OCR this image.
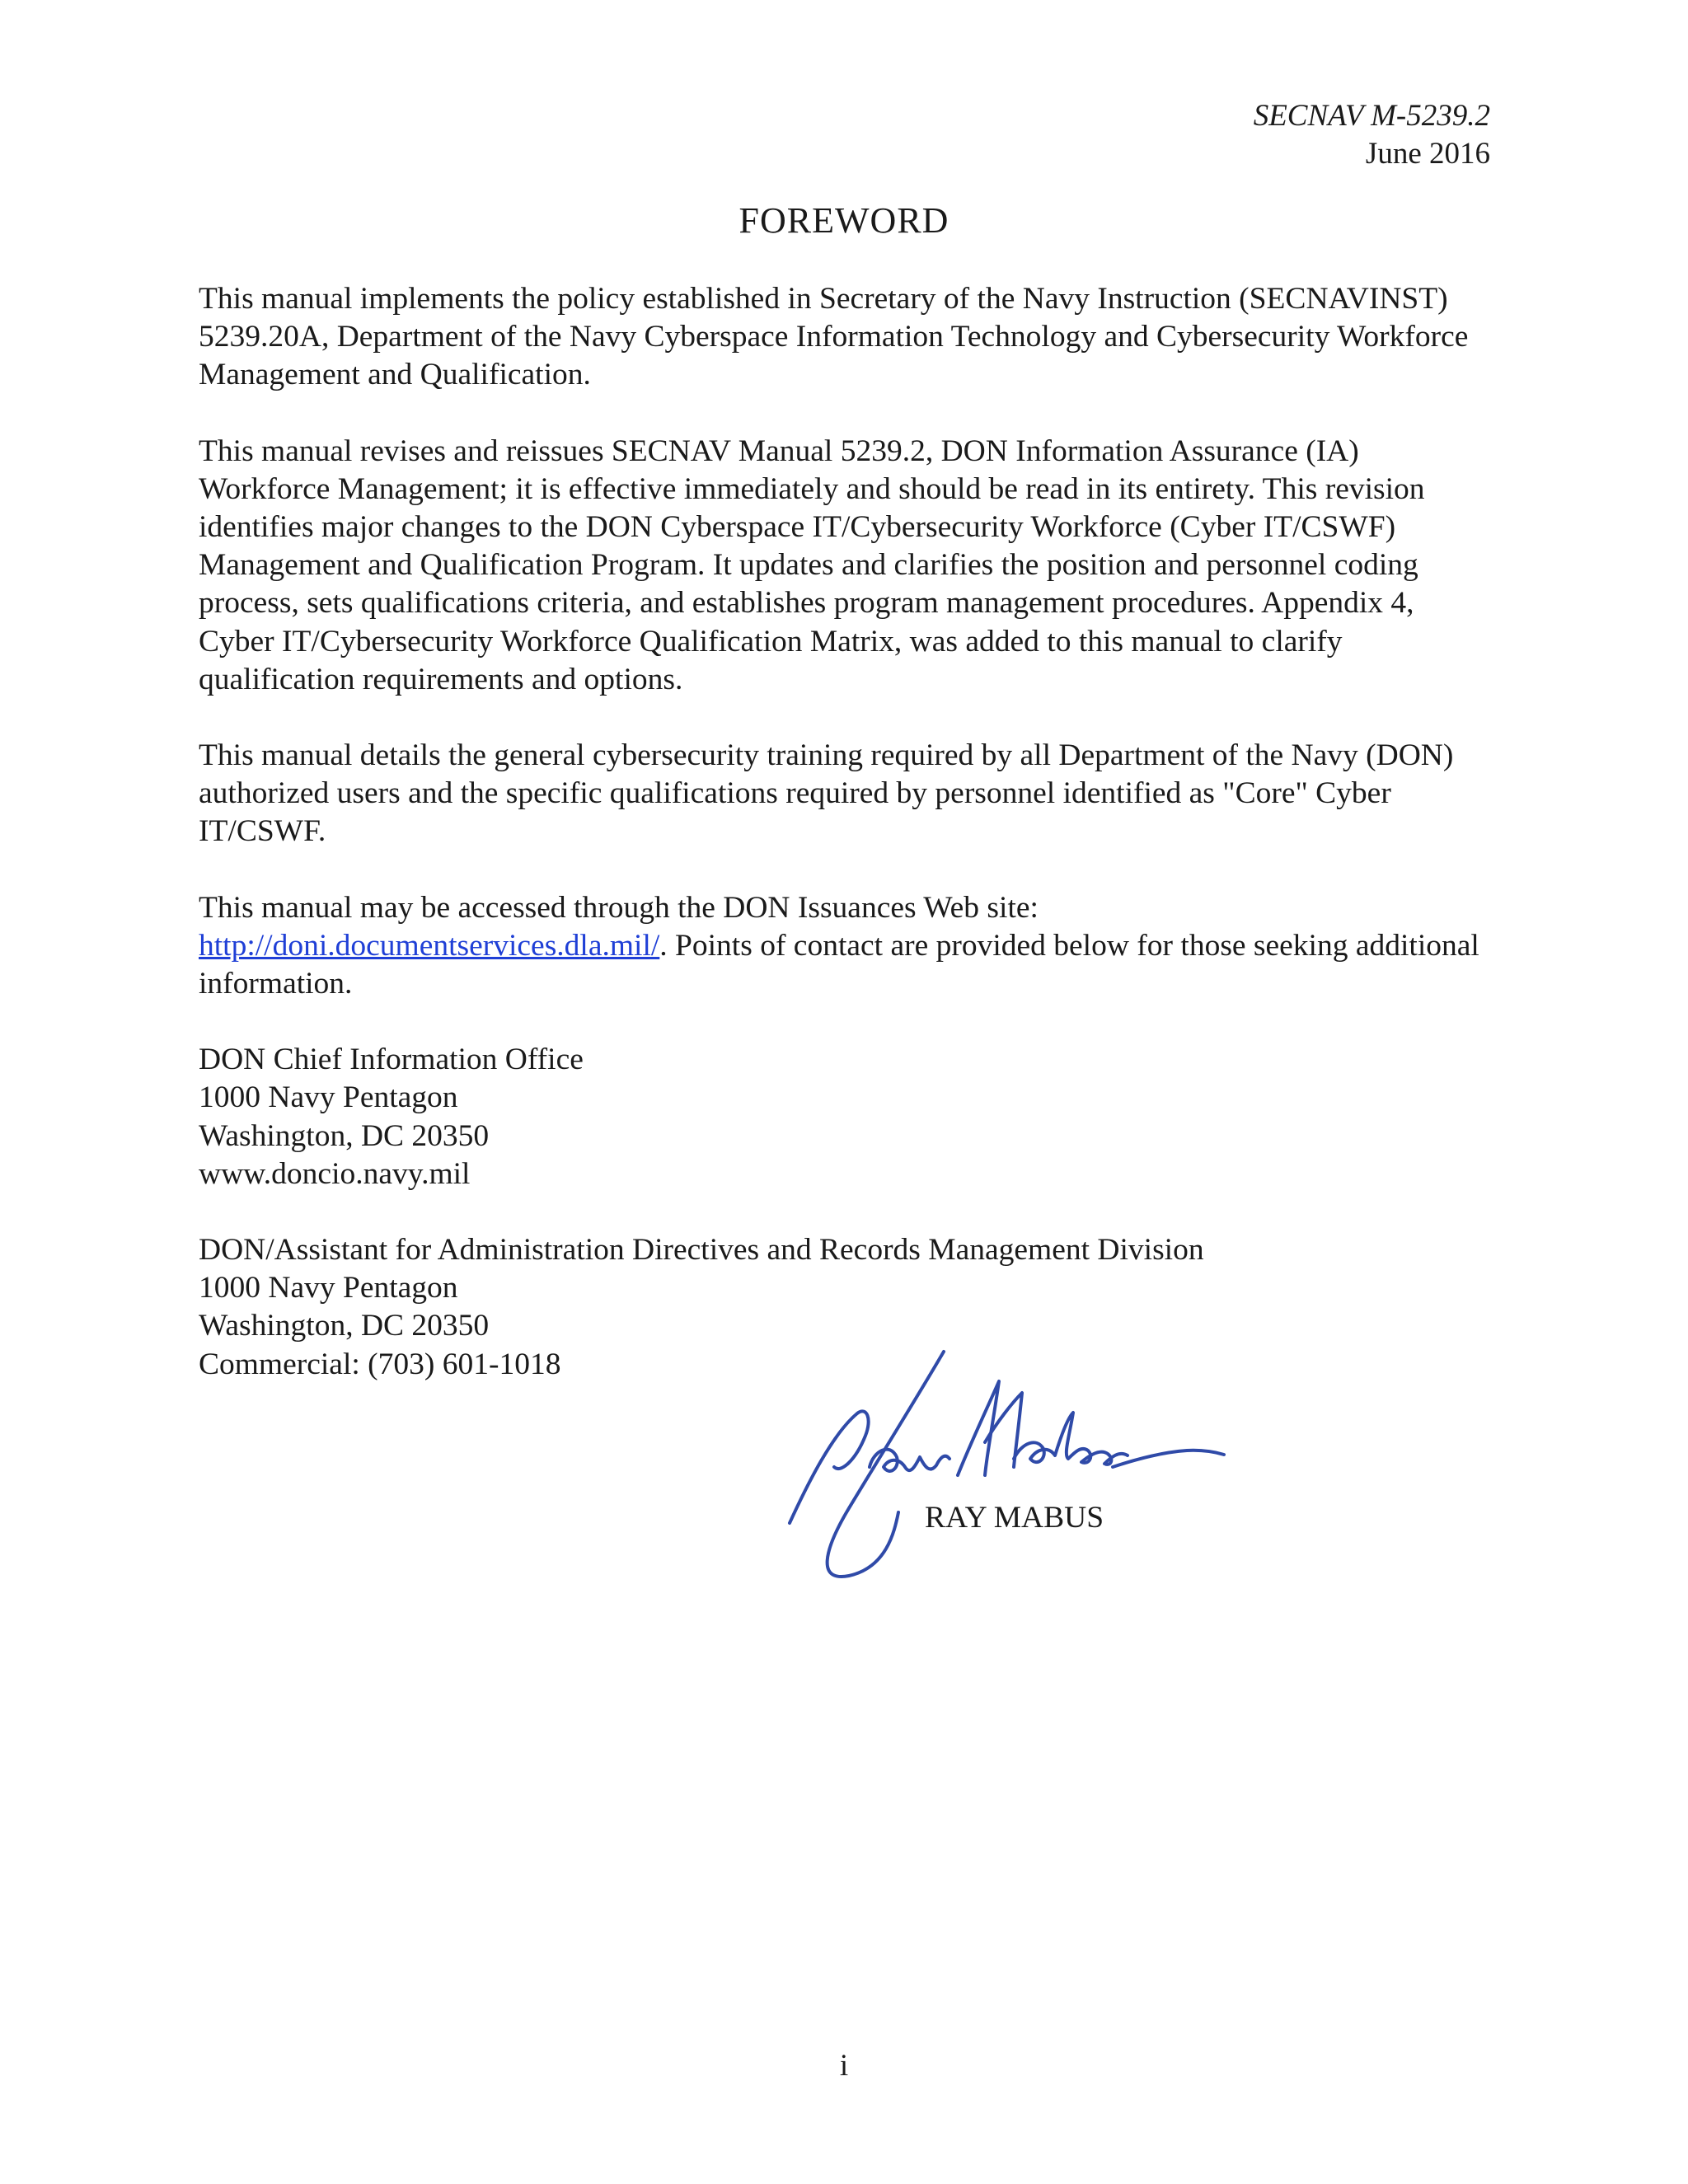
SECNAV M-5239.2
June 2016
FOREWORD

This manual implements the policy established in Secretary of the Navy Instruction (SECNAVINST) 5239.20A, Department of the Navy Cyberspace Information Technology and Cybersecurity Workforce Management and Qualification.

This manual revises and reissues SECNAV Manual 5239.2, DON Information Assurance (IA) Workforce Management; it is effective immediately and should be read in its entirety. This revision identifies major changes to the DON Cyberspace IT/Cybersecurity Workforce (Cyber IT/CSWF) Management and Qualification Program. It updates and clarifies the position and personnel coding process, sets qualifications criteria, and establishes program management procedures. Appendix 4, Cyber IT/Cybersecurity Workforce Qualification Matrix, was added to this manual to clarify qualification requirements and options.

This manual details the general cybersecurity training required by all Department of the Navy (DON) authorized users and the specific qualifications required by personnel identified as "Core" Cyber IT/CSWF.

This manual may be accessed through the DON Issuances Web site:
http://doni.documentservices.dla.mil/. Points of contact are provided below for those seeking additional information.

DON Chief Information Office
1000 Navy Pentagon
Washington, DC 20350
www.doncio.navy.mil
DON/Assistant for Administration Directives and Records Management Division
1000 Navy Pentagon
Washington, DC 20350
Commercial: (703) 601-1018
RAY MABUS
i
